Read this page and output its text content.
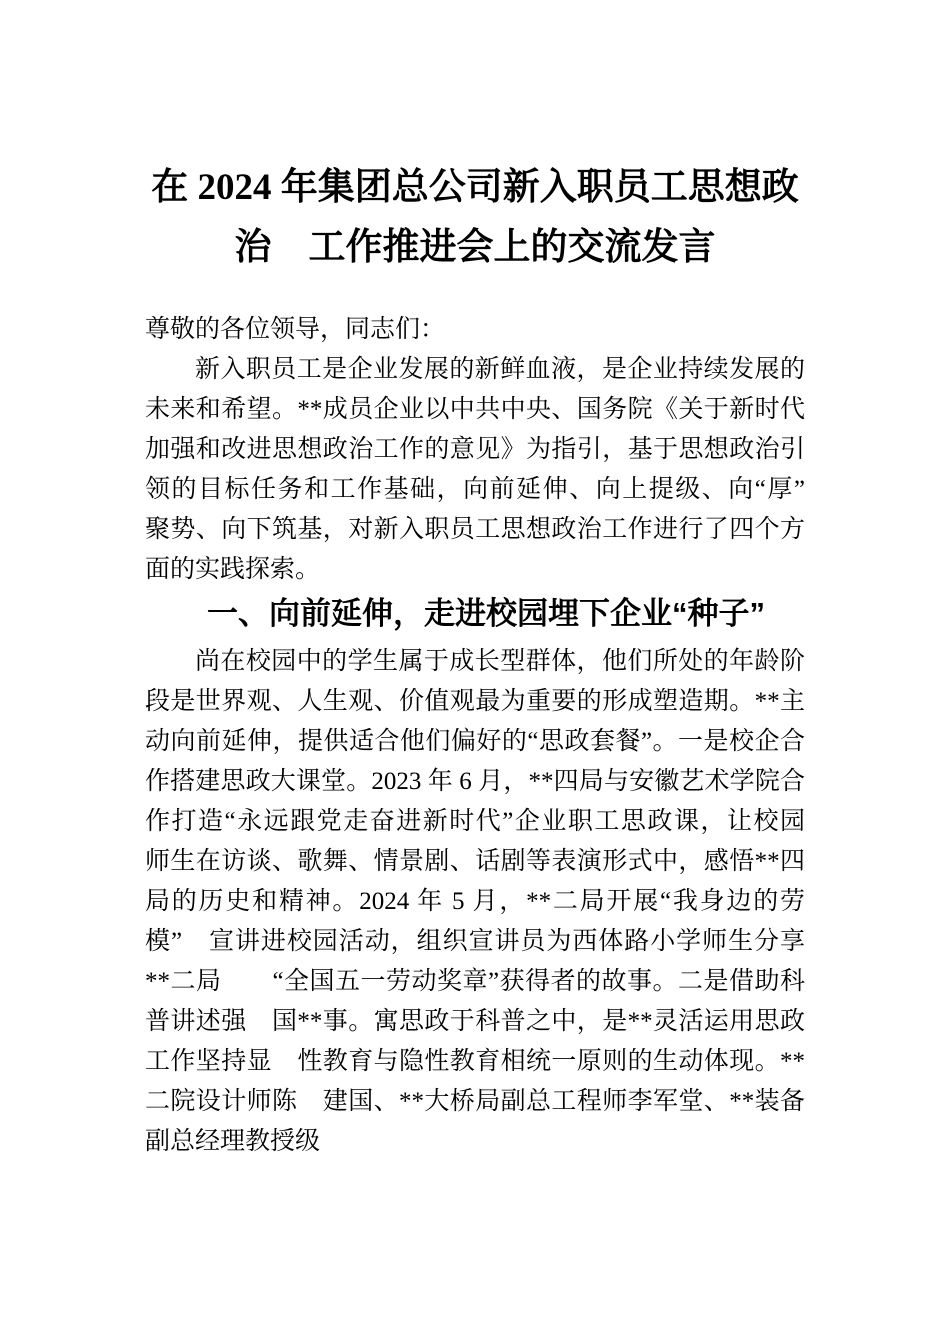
在 2024 年集团总公司新入职员工思想政
治　工作推进会上的交流发言
尊敬的各位领导，同志们：
新入职员工是企业发展的新鲜血液，是企业持续发展的
未来和希望。**成员企业以中共中央、国务院《关于新时代
加强和改进思想政治工作的意见》为指引，基于思想政治引
领的目标任务和工作基础，向前延伸、向上提级、向“厚”
聚势、向下筑基，对新入职员工思想政治工作进行了四个方
面的实践探索。
一、向前延伸，走进校园埋下企业“种子”
尚在校园中的学生属于成长型群体，他们所处的年龄阶
段是世界观、人生观、价值观最为重要的形成塑造期。**主
动向前延伸，提供适合他们偏好的“思政套餐”。一是校企合
作搭建思政大课堂。2023 年 6 月，**四局与安徽艺术学院合
作打造“永远跟党走奋进新时代”企业职工思政课，让校园
师生在访谈、歌舞、情景剧、话剧等表演形式中，感悟**四
局的历史和精神。2024 年 5 月，**二局开展“我身边的劳
模”　宣讲进校园活动，组织宣讲员为西体路小学师生分享
**二局　　“全国五一劳动奖章”获得者的故事。二是借助科
普讲述强　国**事。寓思政于科普之中，是**灵活运用思政
工作坚持显　性教育与隐性教育相统一原则的生动体现。**
二院设计师陈　建国、**大桥局副总工程师李军堂、**装备
副总经理教授级
